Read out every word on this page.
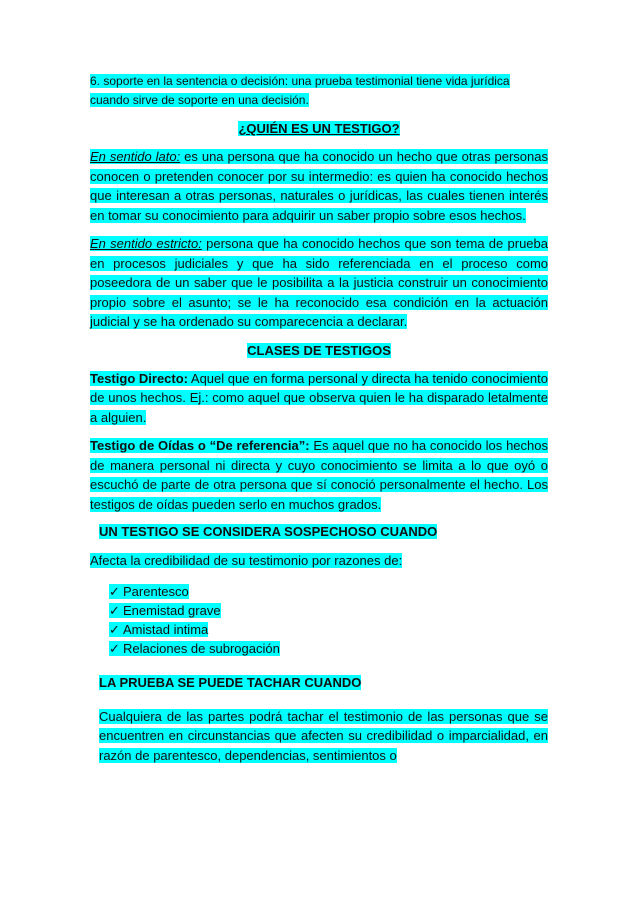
6. soporte en la sentencia o decisión: una prueba testimonial tiene vida jurídica cuando sirve de soporte en una decisión.

¿QUIÉN ES UN TESTIGO?

En sentido lato: es una persona que ha conocido un hecho que otras personas conocen o pretenden conocer por su intermedio: es quien ha conocido hechos que interesan a otras personas, naturales o jurídicas, las cuales tienen interés en tomar su conocimiento para adquirir un saber propio sobre esos hechos.

En sentido estricto: persona que ha conocido hechos que son tema de prueba en procesos judiciales y que ha sido referenciada en el proceso como poseedora de un saber que le posibilita a la justicia construir un conocimiento propio sobre el asunto; se le ha reconocido esa condición en la actuación judicial y se ha ordenado su comparecencia a declarar.

CLASES DE TESTIGOS

Testigo Directo: Aquel que en forma personal y directa ha tenido conocimiento de unos hechos. Ej.: como aquel que observa quien le ha disparado letalmente a alguien.

Testigo de Oídas o “De referencia”: Es aquel que no ha conocido los hechos de manera personal ni directa y cuyo conocimiento se limita a lo que oyó o escuchó de parte de otra persona que sí conoció personalmente el hecho. Los testigos de oídas pueden serlo en muchos grados.

UN TESTIGO SE CONSIDERA SOSPECHOSO CUANDO

Afecta la credibilidad de su testimonio por razones de:

✓ Parentesco
✓ Enemistad grave
✓ Amistad intima
✓ Relaciones de subrogación

LA PRUEBA SE PUEDE TACHAR CUANDO

Cualquiera de las partes podrá tachar el testimonio de las personas que se encuentren en circunstancias que afecten su credibilidad o imparcialidad, en razón de parentesco, dependencias, sentimientos o
